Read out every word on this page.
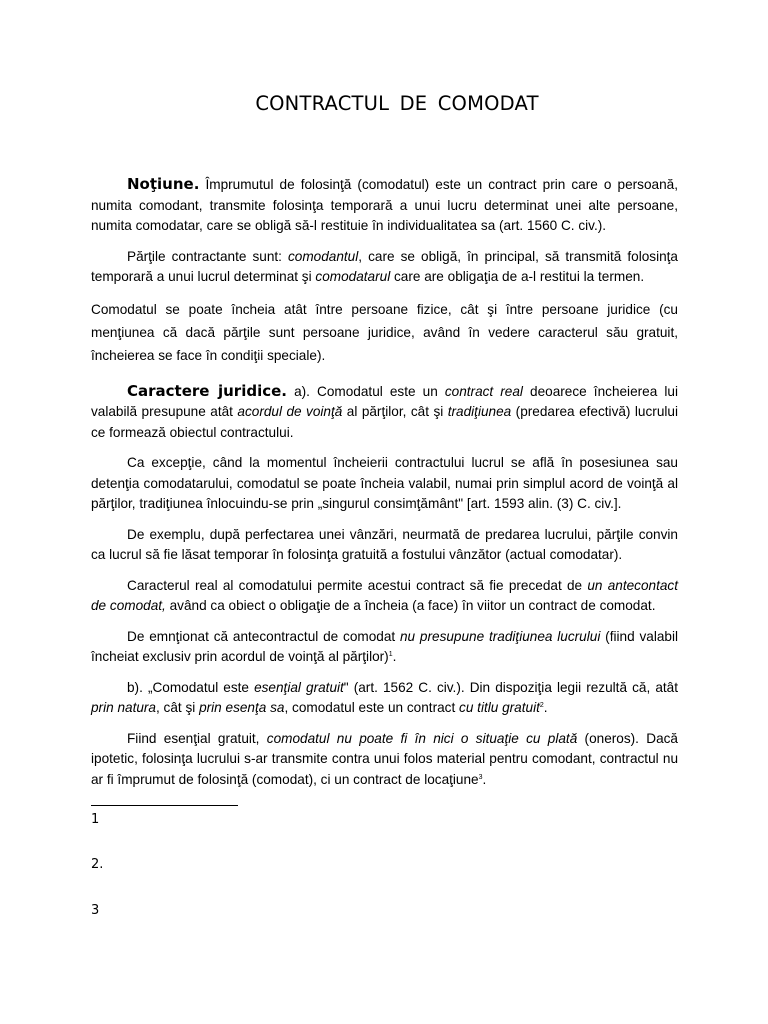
CONTRACTUL DE COMODAT

Noţiune. Împrumutul de folosinţă (comodatul) este un contract prin care o persoană, numita comodant, transmite folosinţa temporară a unui lucru determinat unei alte persoane, numita comodatar, care se obligă să-l restituie în individualitatea sa (art. 1560 C. civ.).

Părţile contractante sunt: comodantul, care se obligă, în principal, să transmită folosinţa temporară a unui lucrul determinat şi comodatarul care are obligaţia de a-l restitui la termen.

Comodatul se poate încheia atât între persoane fizice, cât şi între persoane juridice (cu menţiunea că dacă părţile sunt persoane juridice, având în vedere caracterul său gratuit, încheierea se face în condiţii speciale).

Caractere juridice. a). Comodatul este un contract real deoarece încheierea lui valabilă presupune atât acordul de voinţă al părţilor, cât şi tradiţiunea (predarea efectivă) lucrului ce formează obiectul contractului.

Ca excepţie, când la momentul încheierii contractului lucrul se află în posesiunea sau detenţia comodatarului, comodatul se poate încheia valabil, numai prin simplul acord de voinţă al părţilor, tradiţiunea înlocuindu-se prin „singurul consimţământ" [art. 1593 alin. (3) C. civ.].

De exemplu, după perfectarea unei vânzări, neurmată de predarea lucrului, părţile convin ca lucrul să fie lăsat temporar în folosinţa gratuită a fostului vânzător (actual comodatar).

Caracterul real al comodatului permite acestui contract să fie precedat de un antecontact de comodat, având ca obiect o obligaţie de a încheia (a face) în viitor un contract de comodat.

De emnţionat că antecontractul de comodat nu presupune tradiţiunea lucrului (fiind valabil încheiat exclusiv prin acordul de voinţă al părţilor)$^1$.

b). „Comodatul este esenţial gratuit" (art. 1562 C. civ.). Din dispoziţia legii rezultă că, atât prin natura, cât şi prin esenţa sa, comodatul este un contract cu titlu gratuit$^2$.

Fiind esenţial gratuit, comodatul nu poate fi în nici o situaţie cu plată (oneros). Dacă ipotetic, folosinţa lucrului s-ar transmite contra unui folos material pentru comodant, contractul nu ar fi împrumut de folosinţă (comodat), ci un contract de locaţiune$^3$.

1
2.
3
